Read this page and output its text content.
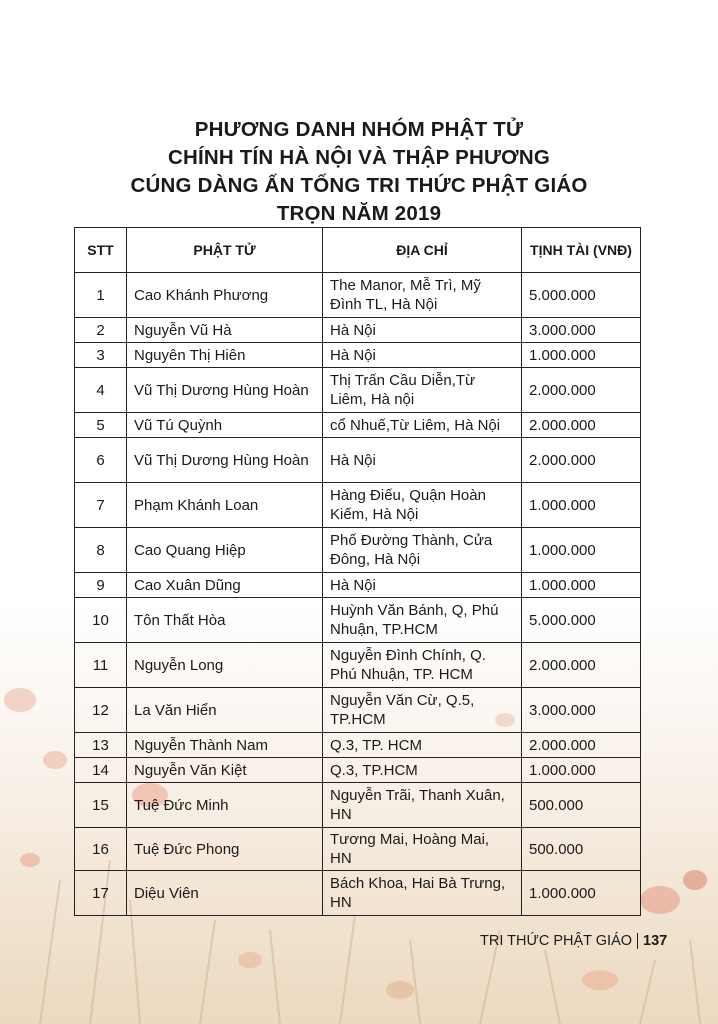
PHƯƠNG DANH NHÓM PHẬT TỬ
CHÍNH TÍN HÀ NỘI VÀ THẬP PHƯƠNG
CÚNG DÀNG ẤN TỐNG TRI THỨC PHẬT GIÁO
TRỌN NĂM 2019
STT	PHẬT TỬ	ĐỊA CHỈ	TỊNH TÀI (VNĐ)
1	Cao Khánh Phương	The Manor, Mễ Trì, Mỹ Đình TL, Hà Nội	5.000.000
2	Nguyễn Vũ Hà	Hà Nội	3.000.000
3	Nguyên Thị Hiên	Hà Nội	1.000.000
4	Vũ Thị Dương Hùng Hoàn	Thị Trấn Cầu Diễn,Từ Liêm, Hà nội	2.000.000
5	Vũ Tú Quỳnh	cổ Nhuế,Từ Liêm, Hà Nội	2.000.000
6	Vũ Thị Dương Hùng Hoàn	Hà Nội	2.000.000
7	Phạm Khánh Loan	Hàng Điếu, Quận Hoàn Kiếm, Hà Nội	1.000.000
8	Cao Quang Hiệp	Phố Đường Thành, Cửa Đông, Hà Nội	1.000.000
9	Cao Xuân Dũng	Hà Nội	1.000.000
10	Tôn Thất Hòa	Huỳnh Văn Bánh, Q, Phú Nhuận, TP.HCM	5.000.000
11	Nguyễn Long	Nguyễn Đình Chính, Q. Phú Nhuận, TP. HCM	2.000.000
12	La Văn Hiển	Nguyễn Văn Cừ, Q.5, TP.HCM	3.000.000
13	Nguyễn Thành Nam	Q.3, TP. HCM	2.000.000
14	Nguyễn Văn Kiệt	Q.3, TP.HCM	1.000.000
15	Tuệ Đức Minh	Nguyễn Trãi, Thanh Xuân, HN	500.000
16	Tuệ Đức Phong	Tương Mai, Hoàng Mai, HN	500.000
17	Diệu Viên	Bách Khoa, Hai Bà Trưng, HN	1.000.000
TRI THỨC PHẬT GIÁO 137
